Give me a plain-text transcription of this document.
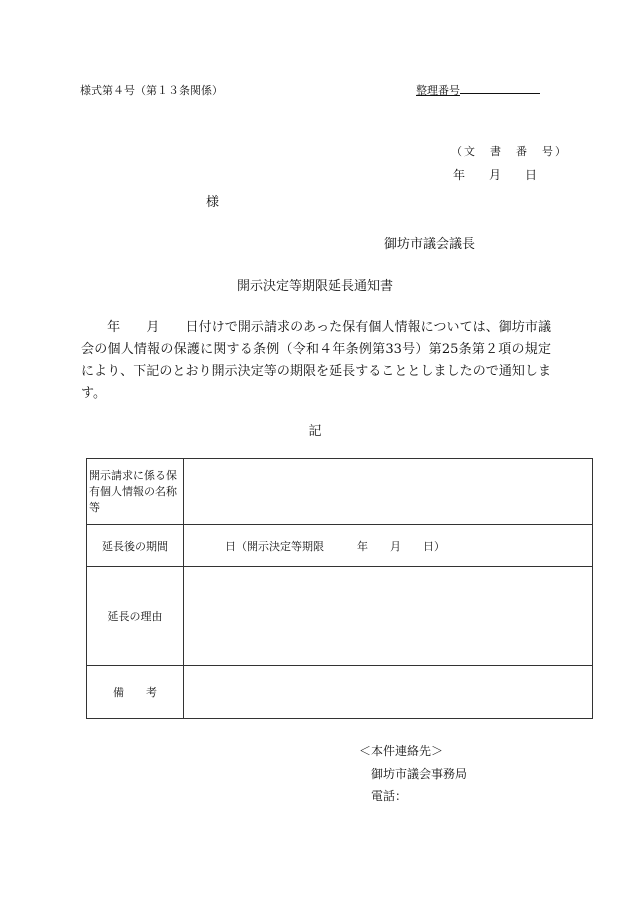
様式第４号（第１３条関係）	整理番号
（文　書　番　号）
年　　月　　日
様
御坊市議会議長
開示決定等期限延長通知書

　　年　　月　　日付けで開示請求のあった保有個人情報については、御坊市議会の個人情報の保護に関する条例（令和４年条例第33号）第25条第２項の規定により、下記のとおり開示決定等の期限を延長することとしましたので通知します。

記
開示請求に係る保有個人情報の名称等	
延長後の期間	日（開示決定等期限　　　年　　月　　日）
延長の理由	
備　　考	
＜本件連絡先＞
御坊市議会事務局
電話：
